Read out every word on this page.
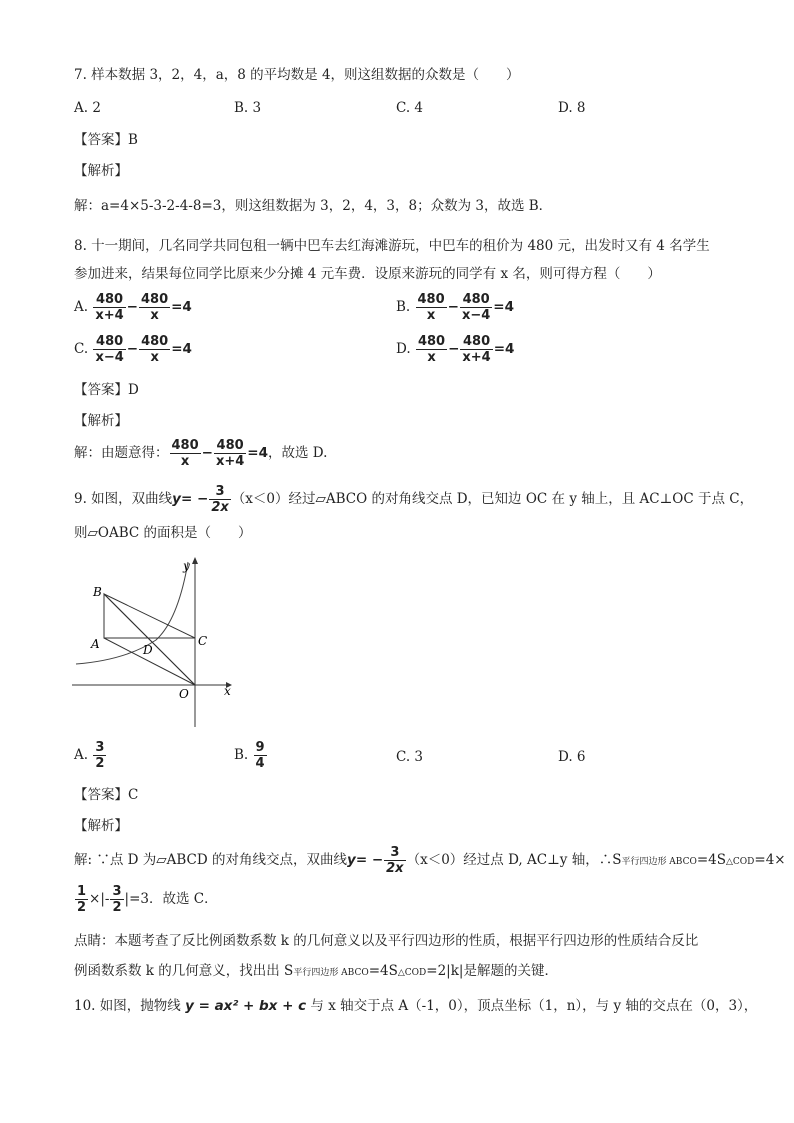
7. 样本数据 3，2，4，a，8 的平均数是 4，则这组数据的众数是（　　）
A. 2	B. 3	C. 4	D. 8
【答案】B
【解析】
解：a=4×5-3-2-4-8=3，则这组数据为 3，2，4，3，8；众数为 3，故选 B．
8. 十一期间，几名同学共同包租一辆中巴车去红海滩游玩，中巴车的租价为 480 元，出发时又有 4 名学生
参加进来，结果每位同学比原来少分摊 4 元车费．设原来游玩的同学有 x 名，则可得方程（　　）
A. $\frac{480}{x+4} - \frac{480}{x} =4$	B. $\frac{480}{x} - \frac{480}{x-4} =4$
C. $\frac{480}{x-4} - \frac{480}{x} =4$	D. $\frac{480}{x} - \frac{480}{x+4} =4$
【答案】D
【解析】
解：由题意得： $\frac{480}{x} - \frac{480}{x+4} =4$，故选 D.
9. 如图，双曲线$y= - \frac{3}{2x} (x<0)$经过▱ABCO 的对角线交点 D，已知边 OC 在 y 轴上，且 AC⊥OC 于点 C，
则▱OABC 的面积是（　　）
B
A	D
C
O	x
y
A. $\frac{3}{2}$	B. $\frac{9}{4}$	C. 3	D. 6
【答案】C
【解析】
解: ∵点 D 为▱ABCD 的对角线交点，双曲线$y= - \frac{3}{2x} (x<0)$经过点 D, AC⊥y 轴，∴S平行四边形 ABCO=4S△COD=4×
$\frac{1}{2}$ ×|- $\frac{3}{2} |=3$．故选 C．
点睛：本题考查了反比例函数系数 k 的几何意义以及平行四边形的性质，根据平行四边形的性质结合反比
例函数系数 k 的几何意义，找出出 S平行四边形 ABCO=4S△COD=2|k|是解题的关键．
10. 如图，抛物线 y = ax² + bx + c 与 x 轴交于点 A（-1，0），顶点坐标（1，n），与 y 轴的交点在（0，3），
